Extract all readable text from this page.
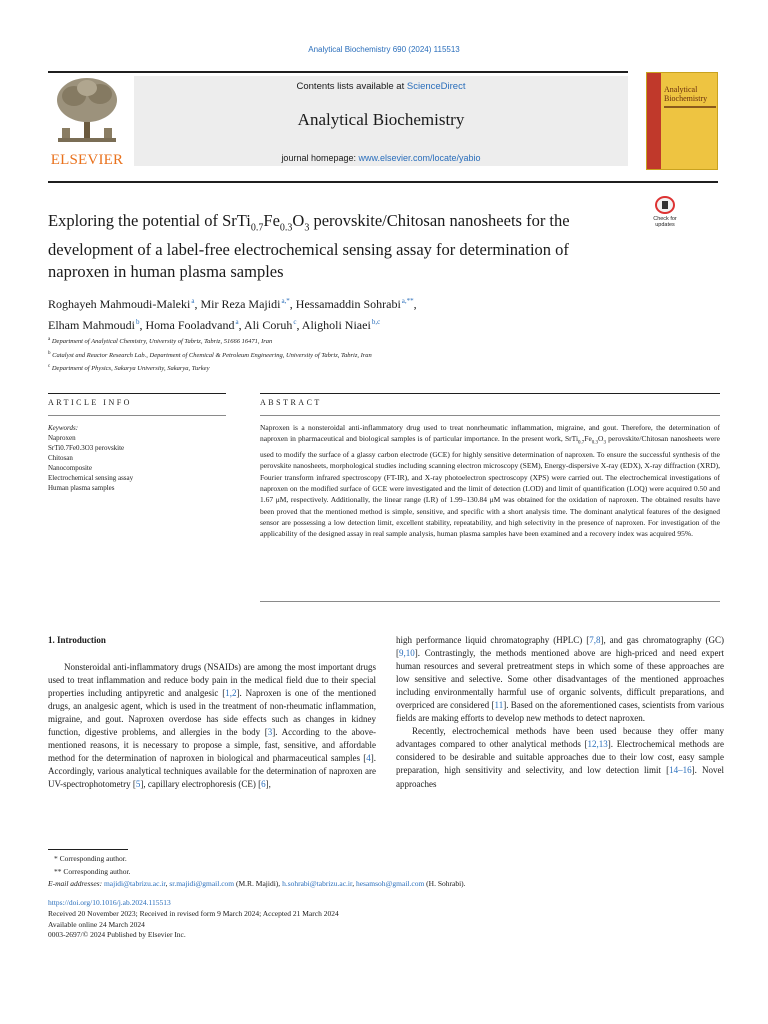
Analytical Biochemistry 690 (2024) 115513
ELSEVIER
Contents lists available at ScienceDirect
Analytical Biochemistry
journal homepage: www.elsevier.com/locate/yabio
Analytical Biochemistry
Exploring the potential of $SrTi_{0.7}Fe_{0.3}O_3$ perovskite/Chitosan nanosheets for the development of a label-free electrochemical sensing assay for determination of naproxen in human plasma samples
Check for
updates
Roghayeh Mahmoudi-Maleki $^a$, Mir Reza Majidi $^{a,*}$, Hessamaddin Sohrabi $^{a,**}$,
Elham Mahmoudi $^b$, Homa Fooladvand $^a$, Ali Coruh $^c$, Aligholi Niaei $^{b,c}$
$^a$ Department of Analytical Chemistry, University of Tabriz, Tabriz, 51666 16471, Iran
$^b$ Catalyst and Reactor Research Lab., Department of Chemical & Petroleum Engineering, University of Tabriz, Tabriz, Iran
$^c$ Department of Physics, Sakarya University, Sakarya, Turkey
ARTICLE INFO	ABSTRACT
Keywords:
Naproxen
SrTi0.7Fe0.3O3 perovskite
Chitosan
Nanocomposite
Electrochemical sensing assay
Human plasma samples
Naproxen is a nonsteroidal anti-inflammatory drug used to treat nonrheumatic inflammation, migraine, and gout. Therefore, the determination of naproxen in pharmaceutical and biological samples is of particular importance. In the present work, $SrTi_{0.7}Fe_{0.3}O_3$ perovskite/Chitosan nanosheets were used to modify the surface of a glassy carbon electrode (GCE) for highly sensitive determination of naproxen. To ensure the successful synthesis of the perovskite nanosheets, morphological studies including scanning electron microscopy (SEM), Energy-dispersive X-ray (EDX), X-ray diffraction (XRD), Fourier transform infrared spectroscopy (FT-IR), and X-ray photoelectron spectroscopy (XPS) were carried out. The electrochemical investigations of naproxen on the modified surface of GCE were investigated and the limit of detection (LOD) and limit of quantification (LOQ) were acquired 0.50 and 1.67 μM, respectively. Additionally, the linear range (LR) of 1.99–130.84 μM was obtained for the oxidation of naproxen. The obtained results have been proved that the mentioned method is simple, sensitive, and specific with a short analysis time. The dominant analytical features of the designed sensor are possessing a low detection limit, excellent stability, repeatability, and high selectivity in the presence of naproxen. For investigation of the applicability of the designed assay in real sample analysis, human plasma samples have been examined and a recovery index was acquired 95%.
1. Introduction

Nonsteroidal anti-inflammatory drugs (NSAIDs) are among the most important drugs used to treat inflammation and reduce body pain in the medical field due to their special properties including antipyretic and analgesic [1,2]. Naproxen is one of the mentioned drugs, an analgesic agent, which is used in the treatment of non-rheumatic inflammation, migraine, and gout. Naproxen overdose has side effects such as changes in kidney function, digestive problems, and allergies in the body [3]. According to the above-mentioned reasons, it is necessary to propose a simple, fast, sensitive, and affordable method for the determination of naproxen in biological and pharmaceutical samples [4]. Accordingly, various analytical techniques available for the determination of naproxen are UV-spectrophotometry [5], capillary electrophoresis (CE) [6],

high performance liquid chromatography (HPLC) [7,8], and gas chromatography (GC) [9,10]. Contrastingly, the methods mentioned above are high-priced and need expert human resources and several pretreatment steps in which some of these approaches are low sensitive and selective. Some other disadvantages of the mentioned approaches including environmentally harmful use of organic solvents, difficult preparations, and overpriced are considered [11]. Based on the aforementioned cases, scientists from various fields are making efforts to develop new methods to detect naproxen.

Recently, electrochemical methods have been used because they offer many advantages compared to other analytical methods [12,13]. Electrochemical methods are considered to be desirable and suitable approaches due to their low cost, easy sample preparation, high sensitivity and selectivity, and low detection limit [14–16]. Novel approaches

* Corresponding author.
** Corresponding author.
E-mail addresses: majidi@tabrizu.ac.ir, sr.majidi@gmail.com (M.R. Majidi), h.sohrabi@tabrizu.ac.ir, hesamsoh@gmail.com (H. Sohrabi).
https://doi.org/10.1016/j.ab.2024.115513
Received 20 November 2023; Received in revised form 9 March 2024; Accepted 21 March 2024
Available online 24 March 2024
0003-2697/© 2024 Published by Elsevier Inc.
